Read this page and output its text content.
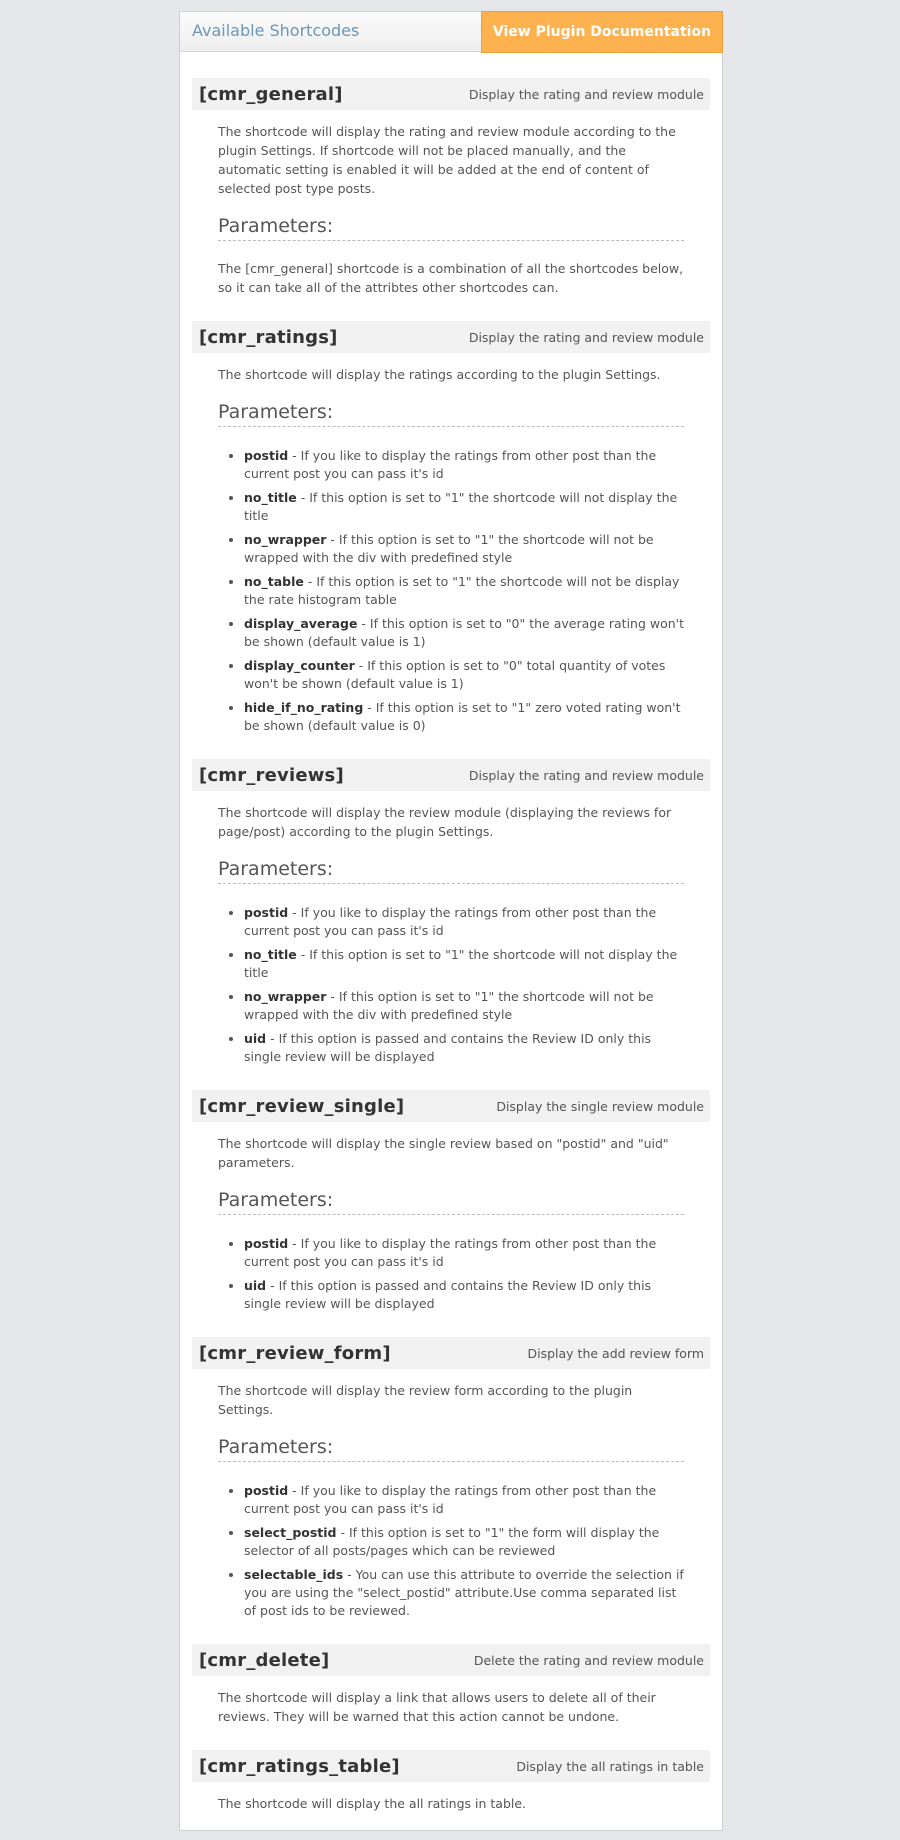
Available Shortcodes	View Plugin Documentation >>
[cmr_general]	Display the rating and review module

The shortcode will display the rating and review module according to the plugin Settings. If shortcode will not be placed manually, and the automatic setting is enabled it will be added at the end of content of selected post type posts.

Parameters:

The [cmr_general] shortcode is a combination of all the shortcodes below, so it can take all of the attribtes other shortcodes can.

[cmr_ratings]	Display the rating and review module

The shortcode will display the ratings according to the plugin Settings.

Parameters:
• postid - If you like to display the ratings from other post than the current post you can pass it's id
• no_title - If this option is set to "1" the shortcode will not display the title
• no_wrapper - If this option is set to "1" the shortcode will not be wrapped with the div with predefined style
• no_table - If this option is set to "1" the shortcode will not be display the rate histogram table
• display_average - If this option is set to "0" the average rating won't be shown (default value is 1)
• display_counter - If this option is set to "0" total quantity of votes won't be shown (default value is 1)
• hide_if_no_rating - If this option is set to "1" zero voted rating won't be shown (default value is 0)
[cmr_reviews]	Display the rating and review module

The shortcode will display the review module (displaying the reviews for page/post) according to the plugin Settings.

Parameters:
• postid - If you like to display the ratings from other post than the current post you can pass it's id
• no_title - If this option is set to "1" the shortcode will not display the title
• no_wrapper - If this option is set to "1" the shortcode will not be wrapped with the div with predefined style
• uid - If this option is passed and contains the Review ID only this single review will be displayed
[cmr_review_single]	Display the single review module

The shortcode will display the single review based on "postid" and "uid" parameters.

Parameters:
• postid - If you like to display the ratings from other post than the current post you can pass it's id
• uid - If this option is passed and contains the Review ID only this single review will be displayed
[cmr_review_form]	Display the add review form

The shortcode will display the review form according to the plugin Settings.

Parameters:
• postid - If you like to display the ratings from other post than the current post you can pass it's id
• select_postid - If this option is set to "1" the form will display the selector of all posts/pages which can be reviewed
• selectable_ids - You can use this attribute to override the selection if you are using the "select_postid" attribute.Use comma separated list of post ids to be reviewed.
[cmr_delete]	Delete the rating and review module

The shortcode will display a link that allows users to delete all of their reviews. They will be warned that this action cannot be undone.

[cmr_ratings_table]	Display the all ratings in table

The shortcode will display the all ratings in table.
